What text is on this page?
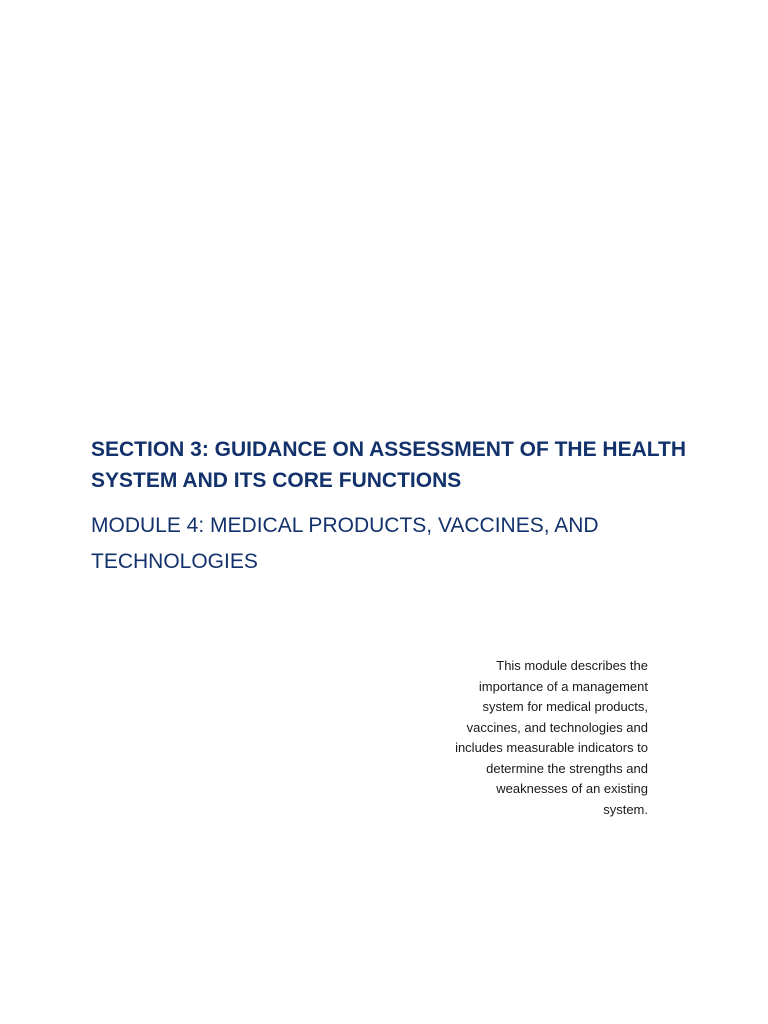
SECTION 3: GUIDANCE ON ASSESSMENT OF THE HEALTH
SYSTEM AND ITS CORE FUNCTIONS
MODULE 4: MEDICAL PRODUCTS, VACCINES, AND
TECHNOLOGIES

This module describes the
importance of a management
system for medical products,
vaccines, and technologies and
includes measurable indicators to
determine the strengths and
weaknesses of an existing
system.
